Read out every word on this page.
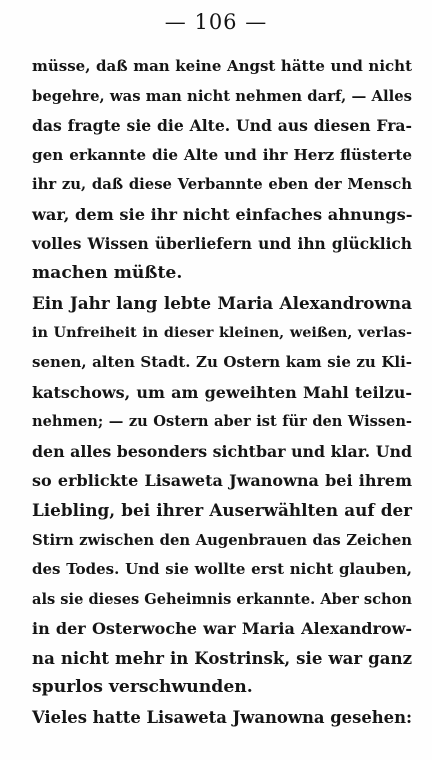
— 106 —
müsse, daß man keine Angst hätte und nicht
begehre, was man nicht nehmen darf, — Alles
das fragte sie die Alte. Und aus diesen Fra-
gen erkannte die Alte und ihr Herz flüsterte
ihr zu, daß diese Verbannte eben der Mensch
war, dem sie ihr nicht einfaches ahnungs-
volles Wissen überliefern und ihn glücklich
machen müßte.
Ein Jahr lang lebte Maria Alexandrowna
in Unfreiheit in dieser kleinen, weißen, verlas-
senen, alten Stadt. Zu Ostern kam sie zu Kli-
katschows, um am geweihten Mahl teilzu-
nehmen; — zu Ostern aber ist für den Wissen-
den alles besonders sichtbar und klar. Und
so erblickte Lisaweta Jwanowna bei ihrem
Liebling, bei ihrer Auserwählten auf der
Stirn zwischen den Augenbrauen das Zeichen
des Todes. Und sie wollte erst nicht glauben,
als sie dieses Geheimnis erkannte. Aber schon
in der Osterwoche war Maria Alexandrow-
na nicht mehr in Kostrinsk, sie war ganz
spurlos verschwunden.
Vieles hatte Lisaweta Jwanowna gesehen:
